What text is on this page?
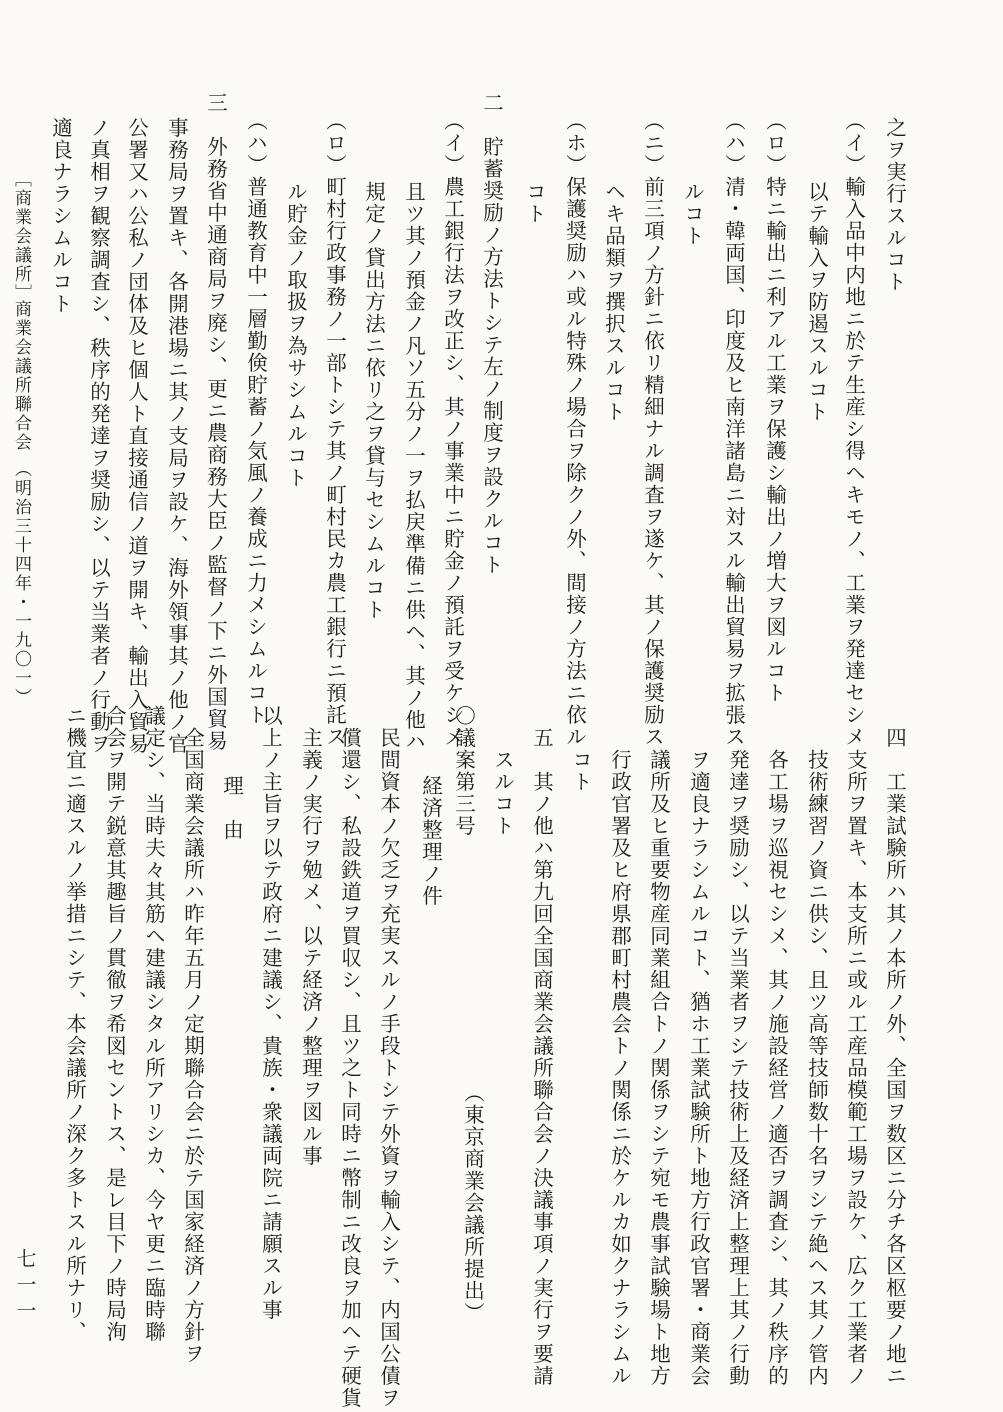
之ヲ実行スルコト
（イ）輸入品中内地ニ於テ生産シ得ヘキモノ、工業ヲ発達セシメ
以テ輸入ヲ防遏スルコト
（ロ）特ニ輸出ニ利アル工業ヲ保護シ輸出ノ増大ヲ図ルコト
（ハ）清・韓両国、印度及ヒ南洋諸島ニ対スル輸出貿易ヲ拡張ス
ルコト
（ニ）前三項ノ方針ニ依リ精細ナル調査ヲ遂ケ、其ノ保護奨励ス
ヘキ品類ヲ撰択スルコト
（ホ）保護奨励ハ或ル特殊ノ場合ヲ除クノ外、間接ノ方法ニ依ル
コト
二　貯蓄奨励ノ方法トシテ左ノ制度ヲ設クルコト
（イ）農工銀行法ヲ改正シ、其ノ事業中ニ貯金ノ預託ヲ受ケシメ
且ツ其ノ預金ノ凡ソ五分ノ一ヲ払戻準備ニ供ヘ、其ノ他ハ
規定ノ貸出方法ニ依リ之ヲ貸与セシムルコト
（ロ）町村行政事務ノ一部トシテ其ノ町村民カ農工銀行ニ預託ス
ル貯金ノ取扱ヲ為サシムルコト
（ハ）普通教育中一層勤倹貯蓄ノ気風ノ養成ニ力メシムルコト
三　外務省中通商局ヲ廃シ、更ニ農商務大臣ノ監督ノ下ニ外国貿易
事務局ヲ置キ、各開港場ニ其ノ支局ヲ設ケ、海外領事其ノ他ノ官
公署又ハ公私ノ団体及ヒ個人ト直接通信ノ道ヲ開キ、輸出入貿易
ノ真相ヲ観察調査シ、秩序的発達ヲ奨励シ、以テ当業者ノ行動ヲ
適良ナラシムルコト
［商業会議所］
商業会議所聯合会
（明治三十四年・一九〇一）
四　工業試験所ハ其ノ本所ノ外、全国ヲ数区ニ分チ各区枢要ノ地ニ
支所ヲ置キ、本支所ニ或ル工産品模範工場ヲ設ケ、広ク工業者ノ
技術練習ノ資ニ供シ、且ツ高等技師数十名ヲシテ絶ヘス其ノ管内
各工場ヲ巡視セシメ、其ノ施設経営ノ適否ヲ調査シ、其ノ秩序的
発達ヲ奨励シ、以テ当業者ヲシテ技術上及経済上整理上其ノ行動
ヲ適良ナラシムルコト、猶ホ工業試験所ト地方行政官署・商業会
議所及ヒ重要物産同業組合トノ関係ヲシテ宛モ農事試験場ト地方
行政官署及ヒ府県郡町村農会トノ関係ニ於ケルカ如クナラシムル
コト
五　其ノ他ハ第九回全国商業会議所聯合会ノ決議事項ノ実行ヲ要請
スルコト
〇議案第三号
経済整理ノ件
（東京商業会議所提出）
民間資本ノ欠乏ヲ充実スルノ手段トシテ外資ヲ輸入シテ、内国公債ヲ
償還シ、私設鉄道ヲ買収シ、且ツ之ト同時ニ幣制ニ改良ヲ加ヘテ硬貨
主義ノ実行ヲ勉メ、以テ経済ノ整理ヲ図ル事
以上ノ主旨ヲ以テ政府ニ建議シ、貴族・衆議両院ニ請願スル事
理　由
全国商業会議所ハ昨年五月ノ定期聯合会ニ於テ国家経済ノ方針ヲ
議定シ、当時夫々其筋ヘ建議シタル所アリシカ、今ヤ更ニ臨時聯
合会ヲ開テ鋭意其趣旨ノ貫徹ヲ希図セントス、是レ目下ノ時局洵
ニ機宜ニ適スルノ挙措ニシテ、本会議所ノ深ク多トスル所ナリ、
七一一
